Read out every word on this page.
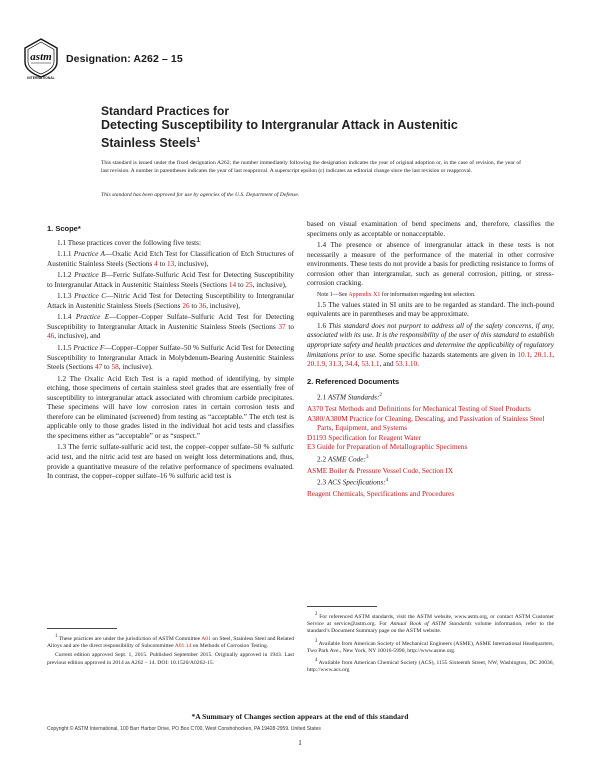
astm
INTERNATIONAL
Designation: A262 – 15
Standard Practices for
Detecting Susceptibility to Intergranular Attack in Austenitic
Stainless Steels$^1$
This standard is issued under the fixed designation A262; the number immediately following the designation indicates the year of original adoption or, in the case of revision, the year of last revision. A number in parentheses indicates the year of last reapproval. A superscript epsilon (ε) indicates an editorial change since the last revision or reapproval.
This standard has been approved for use by agencies of the U.S. Department of Defense.

1. Scope*

1.1 These practices cover the following five tests:

1.1.1 Practice A—Oxalic Acid Etch Test for Classification of Etch Structures of Austenitic Stainless Steels (Sections 4 to 13, inclusive),

1.1.2 Practice B—Ferric Sulfate-Sulfuric Acid Test for Detecting Susceptibility to Intergranular Attack in Austenitic Stainless Steels (Sections 14 to 25, inclusive),

1.1.3 Practice C—Nitric Acid Test for Detecting Susceptibility to Intergranular Attack in Austenitic Stainless Steels (Sections 26 to 36, inclusive),

1.1.4 Practice E—Copper–Copper Sulfate–Sulfuric Acid Test for Detecting Susceptibility to Intergranular Attack in Austenitic Stainless Steels (Sections 37 to 46, inclusive), and

1.1.5 Practice F—Copper–Copper Sulfate–50 % Sulfuric Acid Test for Detecting Susceptibility to Intergranular Attack in Molybdenum-Bearing Austenitic Stainless Steels (Sections 47 to 58, inclusive).

1.2 The Oxalic Acid Etch Test is a rapid method of identifying, by simple etching, those specimens of certain stainless steel grades that are essentially free of susceptibility to intergranular attack associated with chromium carbide precipitates. These specimens will have low corrosion rates in certain corrosion tests and therefore can be eliminated (screened) from testing as “acceptable.” The etch test is applicable only to those grades listed in the individual hot acid tests and classifies the specimens either as “acceptable” or as “suspect.”

1.3 The ferric sulfate-sulfuric acid test, the copper–copper sulfate–50 % sulfuric acid test, and the nitric acid test are based on weight loss determinations and, thus, provide a quantitative measure of the relative performance of specimens evaluated. In contrast, the copper–copper sulfate–16 % sulfuric acid test is

based on visual examination of bend specimens and, therefore, classifies the specimens only as acceptable or nonacceptable.

1.4 The presence or absence of intergranular attack in these tests is not necessarily a measure of the performance of the material in other corrosive environments. These tests do not provide a basis for predicting resistance to forms of corrosion other than intergranular, such as general corrosion, pitting, or stress-corrosion cracking.

Note 1—See Appendix X1 for information regarding test selection.

1.5 The values stated in SI units are to be regarded as standard. The inch-pound equivalents are in parentheses and may be approximate.

1.6 This standard does not purport to address all of the safety concerns, if any, associated with its use. It is the responsibility of the user of this standard to establish appropriate safety and health practices and determine the applicability of regulatory limitations prior to use. Some specific hazards statements are given in 10.1, 20.1.1, 20.1.9, 31.3, 34.4, 53.1.1, and 53.1.10.

2. Referenced Documents

2.1 ASTM Standards:$^2$

A370 Test Methods and Definitions for Mechanical Testing of Steel Products
A380/A380M Practice for Cleaning, Descaling, and Passivation of Stainless Steel Parts, Equipment, and Systems
D1193 Specification for Reagent Water
E3 Guide for Preparation of Metallographic Specimens

2.2 ASME Code:$^3$

ASME Boiler & Pressure Vessel Code, Section IX

2.3 ACS Specifications:$^4$

Reagent Chemicals, Specifications and Procedures

$^1$ These practices are under the jurisdiction of ASTM Committee A01 on Steel, Stainless Steel and Related Alloys and are the direct responsibility of Subcommittee A01.14 on Methods of Corrosion Testing.

Current edition approved Sept. 1, 2015. Published September 2015. Originally approved in 1943. Last previous edition approved in 2014 as A262 – 14. DOI: 10.1520/A0262-15.

$^2$ For referenced ASTM standards, visit the ASTM website, www.astm.org, or contact ASTM Customer Service at service@astm.org. For Annual Book of ASTM Standards volume information, refer to the standard’s Document Summary page on the ASTM website.

$^3$ Available from American Society of Mechanical Engineers (ASME), ASME International Headquarters, Two Park Ave., New York, NY 10016-5990, http://www.asme.org.

$^4$ Available from American Chemical Society (ACS), 1155 Sixteenth Street, NW, Washington, DC 20036, http://www.acs.org

*A Summary of Changes section appears at the end of this standard
Copyright © ASTM International, 100 Barr Harbor Drive, PO Box C700, West Conshohocken, PA 19428-2959. United States
1
